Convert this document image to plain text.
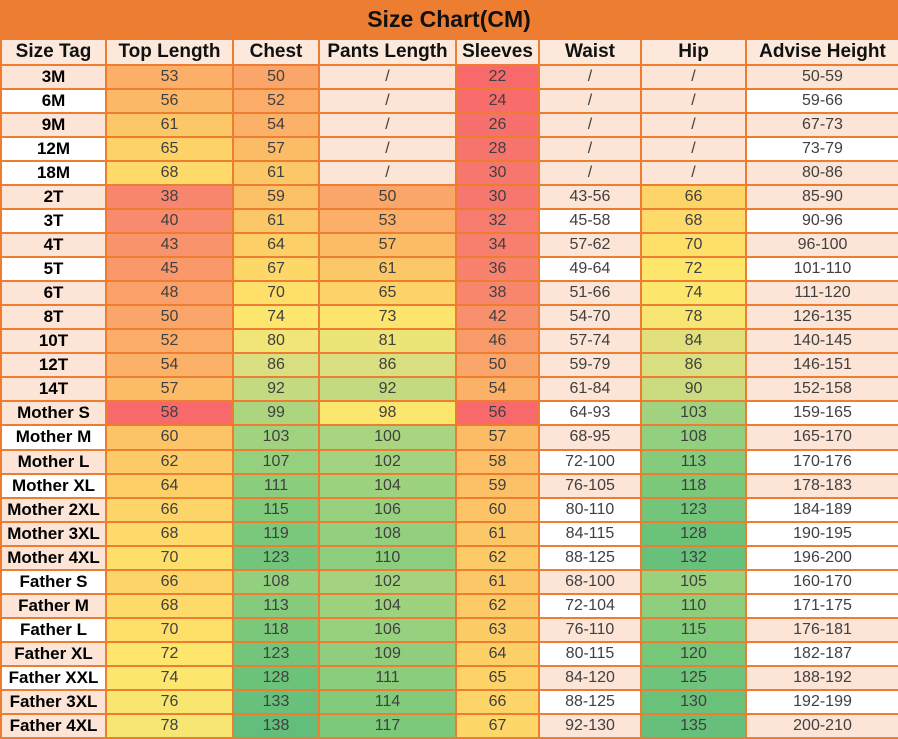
Size Chart(CM)
Size Tag	Top Length	Chest	Pants Length	Sleeves	Waist	Hip	Advise Height
3M	53	50	/	22	/	/	50-59
6M	56	52	/	24	/	/	59-66
9M	61	54	/	26	/	/	67-73
12M	65	57	/	28	/	/	73-79
18M	68	61	/	30	/	/	80-86
2T	38	59	50	30	43-56	66	85-90
3T	40	61	53	32	45-58	68	90-96
4T	43	64	57	34	57-62	70	96-100
5T	45	67	61	36	49-64	72	101-110
6T	48	70	65	38	51-66	74	111-120
8T	50	74	73	42	54-70	78	126-135
10T	52	80	81	46	57-74	84	140-145
12T	54	86	86	50	59-79	86	146-151
14T	57	92	92	54	61-84	90	152-158
Mother S	58	99	98	56	64-93	103	159-165
Mother M	60	103	100	57	68-95	108	165-170
Mother L	62	107	102	58	72-100	113	170-176
Mother XL	64	111	104	59	76-105	118	178-183
Mother 2XL	66	115	106	60	80-110	123	184-189
Mother 3XL	68	119	108	61	84-115	128	190-195
Mother 4XL	70	123	110	62	88-125	132	196-200
Father S	66	108	102	61	68-100	105	160-170
Father M	68	113	104	62	72-104	110	171-175
Father L	70	118	106	63	76-110	115	176-181
Father XL	72	123	109	64	80-115	120	182-187
Father XXL	74	128	111	65	84-120	125	188-192
Father 3XL	76	133	114	66	88-125	130	192-199
Father 4XL	78	138	117	67	92-130	135	200-210
